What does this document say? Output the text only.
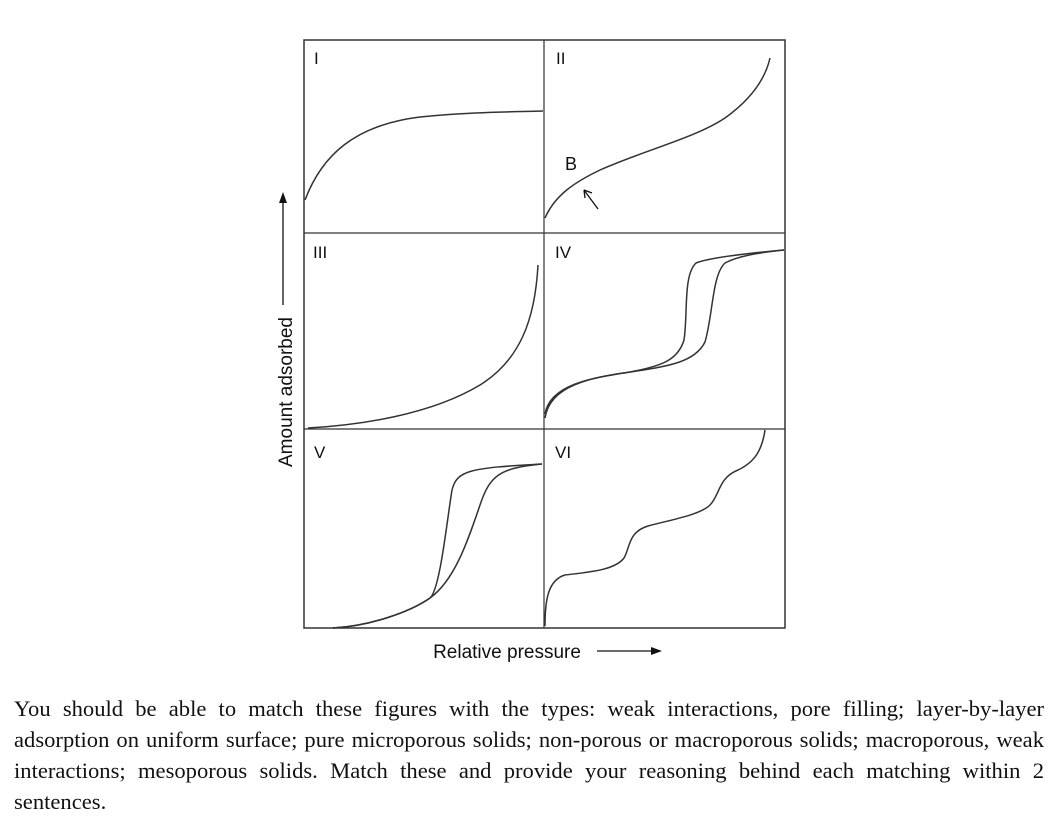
I	II
III	IV
V	VI
B
Amount adsorbed
Relative pressure

You should be able to match these figures with the types: weak interactions, pore filling; layer-by-layer adsorption on uniform surface; pure microporous solids; non-porous or macroporous solids; macroporous, weak interactions; mesoporous solids. Match these and provide your reasoning behind each matching within 2 sentences.
